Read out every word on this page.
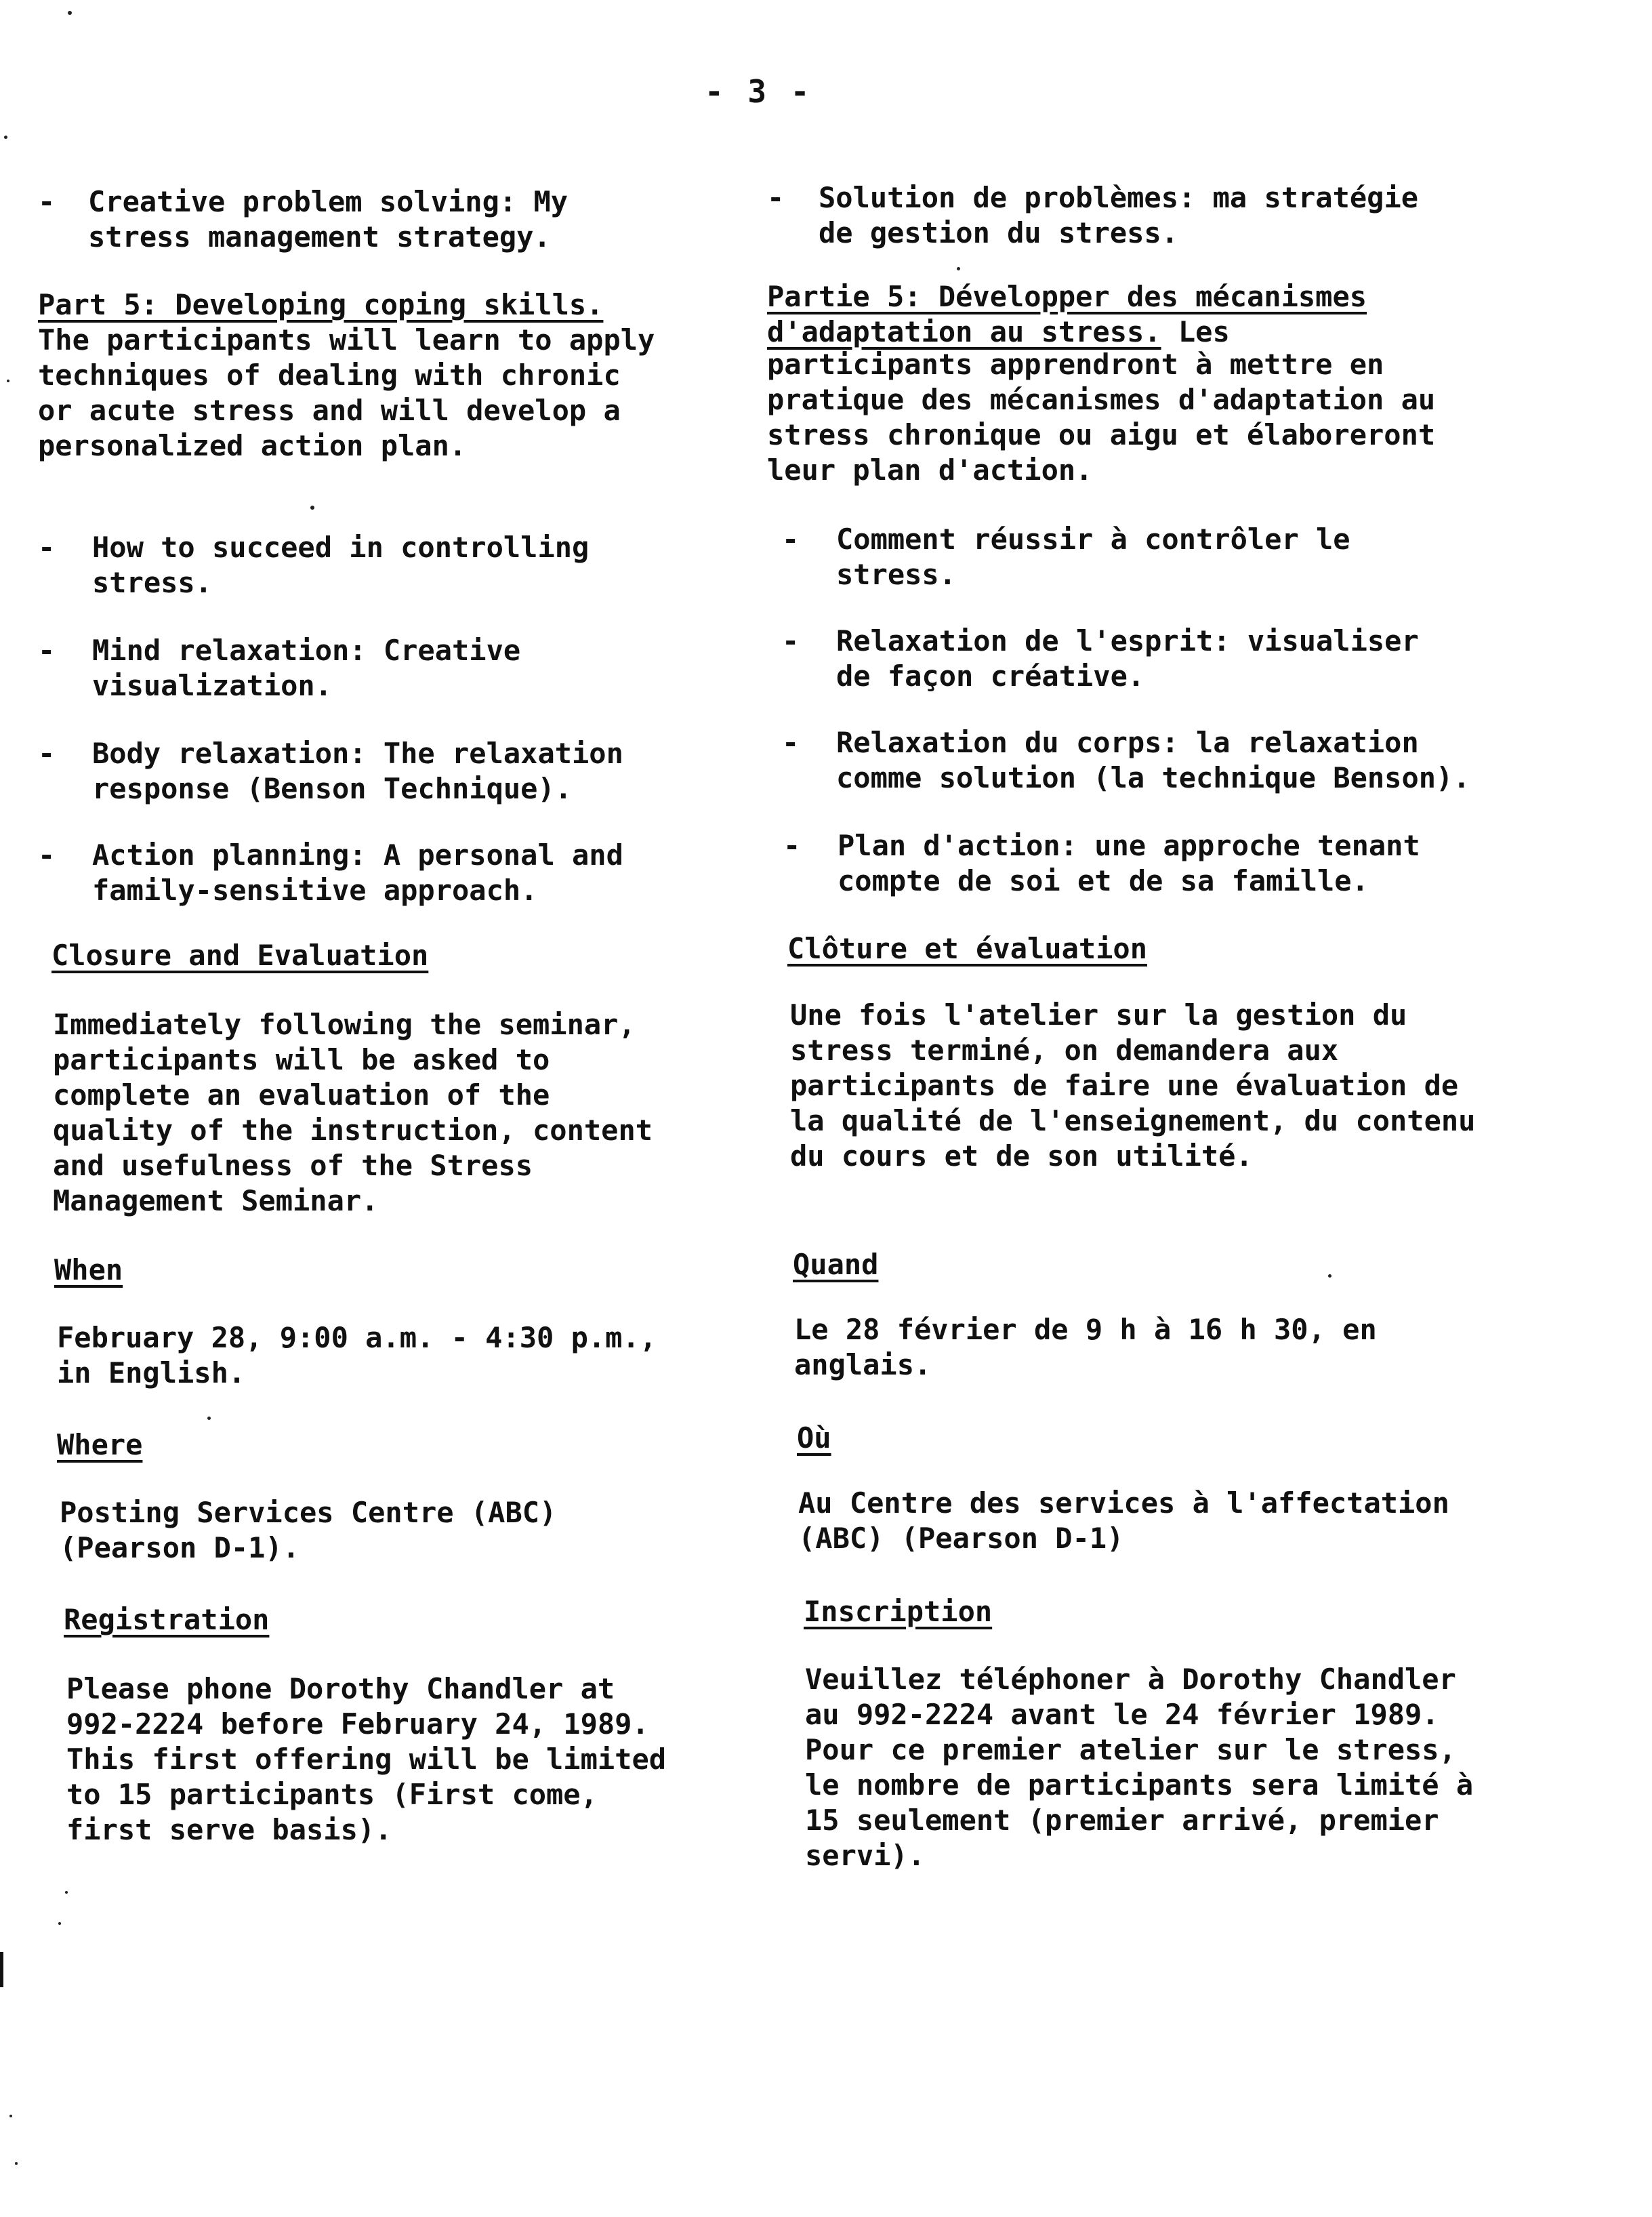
- 3 -
-	Creative problem solving: My
stress management strategy.
Part 5: Developing coping skills.
The participants will learn to apply
techniques of dealing with chronic
or acute stress and will develop a
personalized action plan.
-	How to succeed in controlling
stress.
-	Mind relaxation: Creative
visualization.
-	Body relaxation: The relaxation
response (Benson Technique).
-	Action planning: A personal and
family-sensitive approach.
Closure and Evaluation
Immediately following the seminar,
participants will be asked to
complete an evaluation of the
quality of the instruction, content
and usefulness of the Stress
Management Seminar.
When
February 28, 9:00 a.m. - 4:30 p.m.,
in English.
Where
Posting Services Centre (ABC)
(Pearson D-1).
Registration
Please phone Dorothy Chandler at
992-2224 before February 24, 1989.
This first offering will be limited
to 15 participants (First come,
first serve basis).
-	Solution de problèmes: ma stratégie
de gestion du stress.
Partie 5: Développer des mécanismes
d'adaptation au stress. Les
participants apprendront à mettre en
pratique des mécanismes d'adaptation au
stress chronique ou aigu et élaboreront
leur plan d'action.
-	Comment réussir à contrôler le
stress.
-	Relaxation de l'esprit: visualiser
de façon créative.
-	Relaxation du corps: la relaxation
comme solution (la technique Benson).
-	Plan d'action: une approche tenant
compte de soi et de sa famille.
Clôture et évaluation
Une fois l'atelier sur la gestion du
stress terminé, on demandera aux
participants de faire une évaluation de
la qualité de l'enseignement, du contenu
du cours et de son utilité.
Quand
Le 28 février de 9 h à 16 h 30, en
anglais.
Où
Au Centre des services à l'affectation
(ABC) (Pearson D-1)
Inscription
Veuillez téléphoner à Dorothy Chandler
au 992-2224 avant le 24 février 1989.
Pour ce premier atelier sur le stress,
le nombre de participants sera limité à
15 seulement (premier arrivé, premier
servi).
